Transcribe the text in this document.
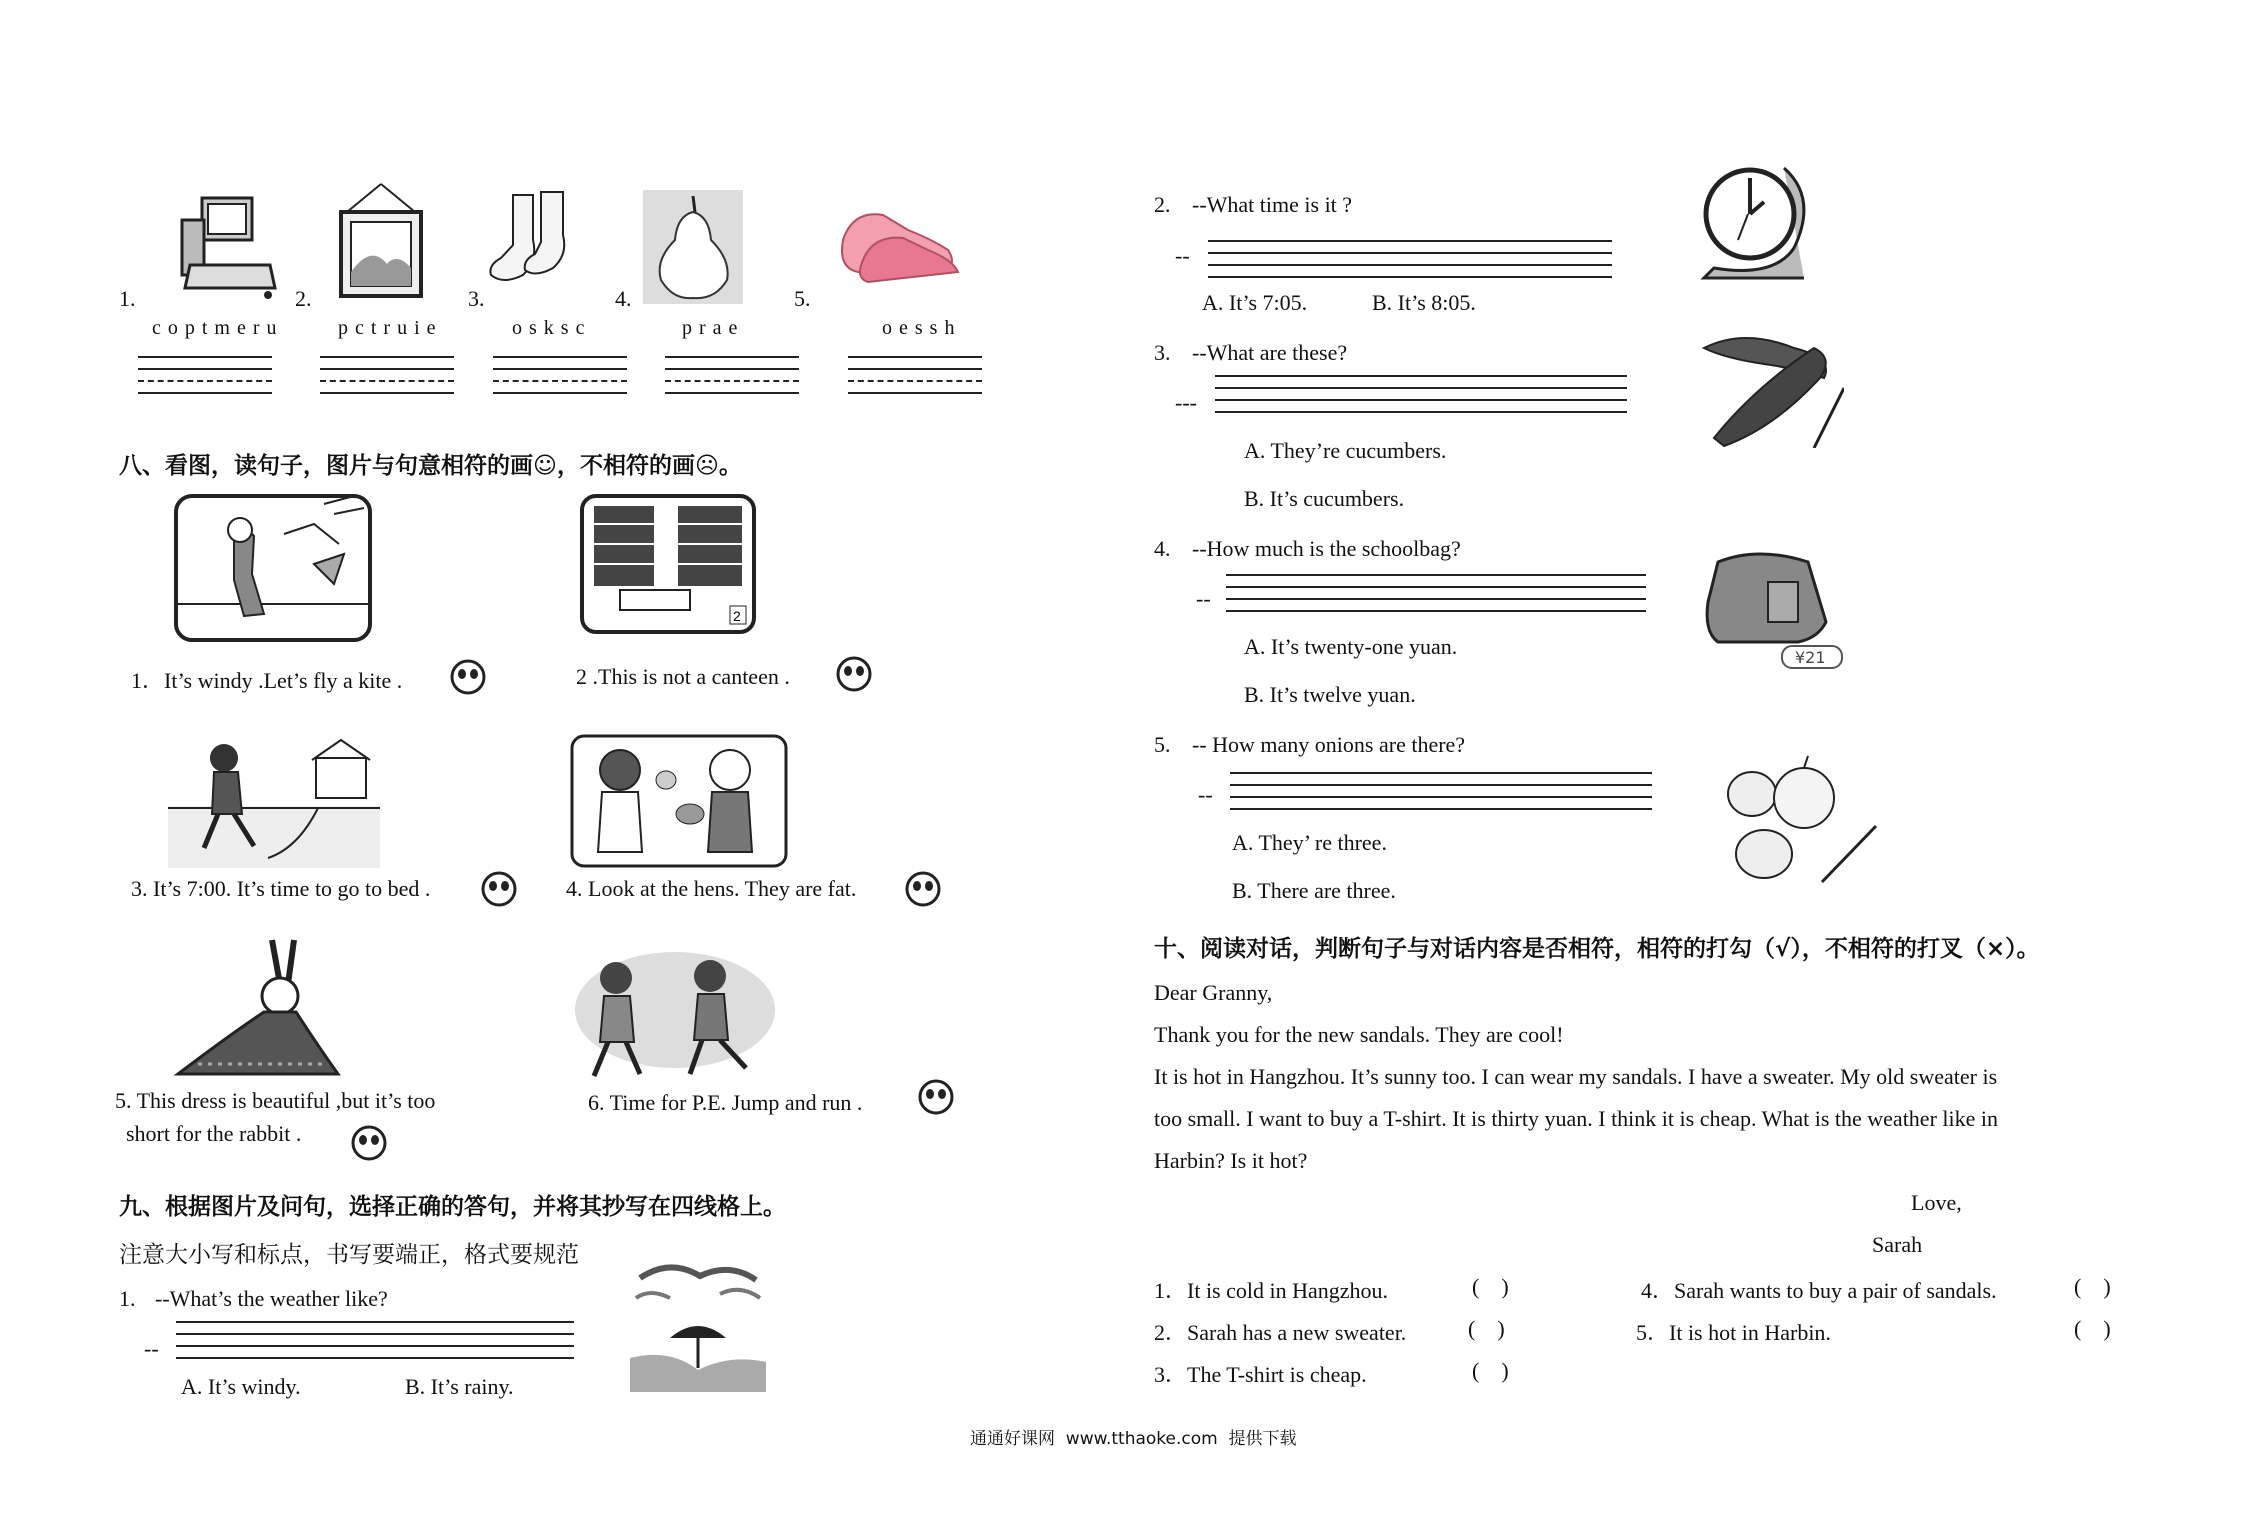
1.	2.	3.	4.	5.
coptmeru	pctruie	osksc	prae	oessh
八、看图，读句子，图片与句意相符的画☺，不相符的画☹。
2
1．It’s windy .Let’s fly a kite .	2 .This is not a canteen .
3. It’s 7:00. It’s time to go to bed .	4. Look at the hens. They are fat.
5. This dress is beautiful ,but it’s too
short for the rabbit .
6. Time for P.E. Jump and run .
九、根据图片及问句，选择正确的答句，并将其抄写在四线格上。
注意大小写和标点，书写要端正，格式要规范
1. --What’s the weather like?
--
A. It’s windy.	B. It’s rainy.
2. --What time is it ?
--
A. It’s 7:05.	B. It’s 8:05.
3. --What are these?
---
A. They’re cucumbers.
B. It’s cucumbers.
4. --How much is the schoolbag?
--
A. It’s twenty-one yuan.
B. It’s twelve yuan.
¥21
5. -- How many onions are there?
--
A. They’ re three.
B. There are three.
十、阅读对话，判断句子与对话内容是否相符，相符的打勾（√），不相符的打叉（×）。
Dear Granny,
Thank you for the new sandals. They are cool!
It is hot in Hangzhou. It’s sunny too. I can wear my sandals. I have a sweater. My old sweater is
too small. I want to buy a T-shirt. It is thirty yuan. I think it is cheap. What is the weather like in
Harbin? Is it hot?
Love,
Sarah
1．It is cold in Hangzhou.	(    )
2．Sarah has a new sweater.	(    )
3．The T-shirt is cheap.	(    )
4．Sarah wants to buy a pair of sandals.	(    )
5．It is hot in Harbin.	(    )
通通好课网  www.tthaoke.com  提供下载
